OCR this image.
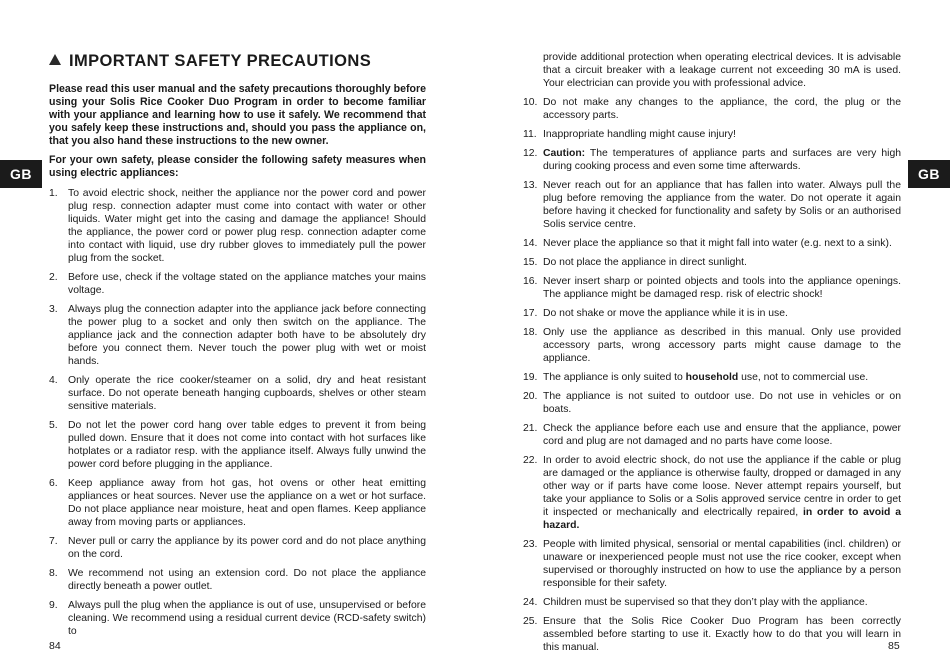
GB	GB
IMPORTANT SAFETY PRECAUTIONS

Please read this user manual and the safety precautions thoroughly before using your Solis Rice Cooker Duo Program in order to become familiar with your appliance and learning how to use it safely. We recommend that you safely keep these instructions and, should you pass the appliance on, that you also hand these instructions to the new owner.

For your own safety, please consider the following safety measures when using electric appliances:

1. To avoid electric shock, neither the appliance nor the power cord and power plug resp. connection adapter must come into contact with water or other liquids. Water might get into the casing and damage the appliance! Should the appliance, the power cord or power plug resp. connection adapter come into contact with liquid, use dry rubber gloves to immediately pull the power plug from the socket.
2. Before use, check if the voltage stated on the appliance matches your mains voltage.
3. Always plug the connection adapter into the appliance jack before connecting the power plug to a socket and only then switch on the appliance. The appliance jack and the connection adapter both have to be absolutely dry before you connect them. Never touch the power plug with wet or moist hands.
4. Only operate the rice cooker/steamer on a solid, dry and heat resistant surface. Do not operate beneath hanging cupboards, shelves or other steam sensitive materials.
5. Do not let the power cord hang over table edges to prevent it from being pulled down. Ensure that it does not come into contact with hot surfaces like hotplates or a radiator resp. with the appliance itself. Always fully unwind the power cord before plugging in the appliance.
6. Keep appliance away from hot gas, hot ovens or other heat emitting appliances or heat sources. Never use the appliance on a wet or hot surface. Do not place appliance near moisture, heat and open flames. Keep appliance away from moving parts or appliances.
7. Never pull or carry the appliance by its power cord and do not place anything on the cord.
8. We recommend not using an extension cord. Do not place the appliance directly beneath a power outlet.
9. Always pull the plug when the appliance is out of use, unsupervised or before cleaning. We recommend using a residual current device (RCD-safety switch) to
provide additional protection when operating electrical devices. It is advisable that a circuit breaker with a leakage current not exceeding 30 mA is used. Your electrician can provide you with professional advice.
10. Do not make any changes to the appliance, the cord, the plug or the accessory parts.
11. Inappropriate handling might cause injury!
12. Caution: The temperatures of appliance parts and surfaces are very high during cooking process and even some time afterwards.
13. Never reach out for an appliance that has fallen into water. Always pull the plug before removing the appliance from the water. Do not operate it again before having it checked for functionality and safety by Solis or an authorised Solis service centre.
14. Never place the appliance so that it might fall into water (e.g. next to a sink).
15. Do not place the appliance in direct sunlight.
16. Never insert sharp or pointed objects and tools into the appliance openings. The appliance might be damaged resp. risk of electric shock!
17. Do not shake or move the appliance while it is in use.
18. Only use the appliance as described in this manual. Only use provided accessory parts, wrong accessory parts might cause damage to the appliance.
19. The appliance is only suited to household use, not to commercial use.
20. The appliance is not suited to outdoor use. Do not use in vehicles or on boats.
21. Check the appliance before each use and ensure that the appliance, power cord and plug are not damaged and no parts have come loose.
22. In order to avoid electric shock, do not use the appliance if the cable or plug are damaged or the appliance is otherwise faulty, dropped or damaged in any other way or if parts have come loose. Never attempt repairs yourself, but take your appliance to Solis or a Solis approved service centre in order to get it inspected or mechanically and electrically repaired, in order to avoid a hazard.
23. People with limited physical, sensorial or mental capabilities (incl. children) or unaware or inexperienced people must not use the rice cooker, except when supervised or thoroughly instructed on how to use the appliance by a person responsible for their safety.
24. Children must be supervised so that they don’t play with the appliance.
25. Ensure that the Solis Rice Cooker Duo Program has been correctly assembled before starting to use it. Exactly how to do that you will learn in this manual.
84	85
